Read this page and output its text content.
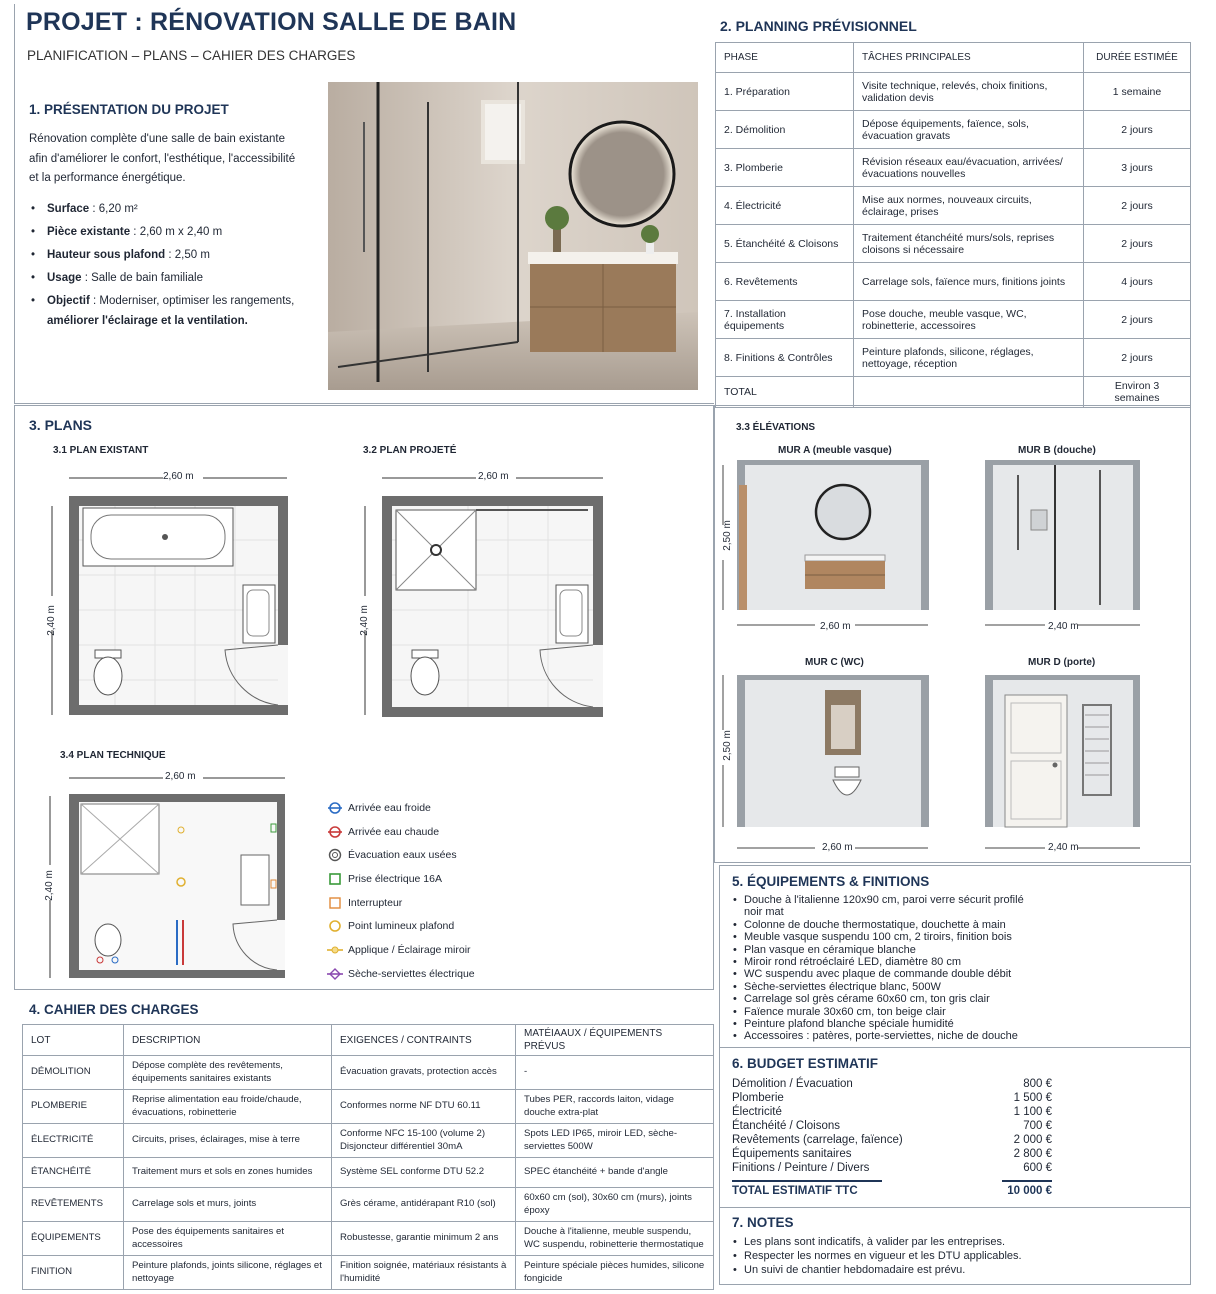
PROJET : RÉNOVATION SALLE DE BAIN
PLANIFICATION – PLANS – CAHIER DES CHARGES
1. PRÉSENTATION DU PROJET
Rénovation complète d'une salle de bain existante afin d'améliorer le confort, l'esthétique, l'accessibilité et la performance énergétique.
• Surface : 6,20 m²
• Pièce existante : 2,60 m x 2,40 m
• Hauteur sous plafond : 2,50 m
• Usage : Salle de bain familiale
• Objectif : Moderniser, optimiser les rangements,
améliorer l'éclairage et la ventilation.
2. PLANNING PRÉVISIONNEL
PHASE	TÂCHES PRINCIPALES	DURÉE ESTIMÉE
1. Préparation	Visite technique, relevés, choix finitions, validation devis	1 semaine
2. Démolition	Dépose équipements, faïence, sols, évacuation gravats	2 jours
3. Plomberie	Révision réseaux eau/évacuation, arrivées/évacuations nouvelles	3 jours
4. Électricité	Mise aux normes, nouveaux circuits, éclairage, prises	2 jours
5. Étanchéité & Cloisons	Traitement étanchéité murs/sols, reprises cloisons si nécessaire	2 jours
6. Revêtements	Carrelage sols, faïence murs, finitions joints	4 jours
7. Installation équipements	Pose douche, meuble vasque, WC, robinetterie, accessoires	2 jours
8. Finitions & Contrôles	Peinture plafonds, silicone, réglages, nettoyage, réception	2 jours
TOTAL		Environ 3 semaines
3. PLANS
3.1 PLAN EXISTANT	3.2 PLAN PROJETÉ
3.4 PLAN TECHNIQUE
2,60 m
2,40 m
2,60 m
2,40 m
2,60 m
2,40 m
Arrivée eau froide
Arrivée eau chaude
Évacuation eaux usées
Prise électrique 16A
Interrupteur
Point lumineux plafond
Applique / Éclairage miroir
Sèche-serviettes électrique
3.3 ÉLÉVATIONS
MUR A (meuble vasque)	MUR B (douche)
MUR C (WC)	MUR D (porte)
2,50 m
2,50 m
2,60 m	2,40 m
2,60 m	2,40 m
4. CAHIER DES CHARGES
LOT	DESCRIPTION	EXIGENCES / CONTRAINTS	MATÉIAAUX / ÉQUIPEMENTS PRÉVUS
DÉMOLITION	Dépose complète des revêtements, équipements sanitaires existants	Évacuation gravats, protection accès	-
PLOMBERIE	Reprise alimentation eau froide/chaude, évacuations, robinetterie	Conformes norme NF DTU 60.11	Tubes PER, raccords laiton, vidage douche extra-plat
ÉLECTRICITÉ	Circuits, prises, éclairages, mise à terre	Conforme NFC 15-100 (volume 2) Disjoncteur différentiel 30mA	Spots LED IP65, miroir LED, sèche-serviettes 500W
ÉTANCHÉITÉ	Traitement murs et sols en zones humides	Système SEL conforme DTU 52.2	SPEC étanchéité + bande d'angle
REVÊTEMENTS	Carrelage sols et murs, joints	Grès cérame, antidérapant R10 (sol)	60x60 cm (sol), 30x60 cm (murs), joints époxy
ÉQUIPEMENTS	Pose des équipements sanitaires et accessoires	Robustesse, garantie minimum 2 ans	Douche à l'italienne, meuble suspendu, WC suspendu, robinetterie thermostatique
FINITION	Peinture plafonds, joints silicone, réglages et nettoyage	Finition soignée, matériaux résistants à l'humidité	Peinture spéciale pièces humides, silicone fongicide
5. ÉQUIPEMENTS & FINITIONS
• Douche à l'italienne 120x90 cm, paroi verre sécurit profilé noir mat
• Colonne de douche thermostatique, douchette à main
• Meuble vasque suspendu 100 cm, 2 tiroirs, finition bois
• Plan vasque en céramique blanche
• Miroir rond rétroéclairé LED, diamètre 80 cm
• WC suspendu avec plaque de commande double débit
• Sèche-serviettes électrique blanc, 500W
• Carrelage sol grès cérame 60x60 cm, ton gris clair
• Faïence murale 30x60 cm, ton beige clair
• Peinture plafond blanche spéciale humidité
• Accessoires : patères, porte-serviettes, niche de douche
6. BUDGET ESTIMATIF
Démolition / Évacuation	800 €
Plomberie	1 500 €
Électricité	1 100 €
Étanchéité / Cloisons	700 €
Revêtements (carrelage, faïence)	2 000 €
Équipements sanitaires	2 800 €
Finitions / Peinture / Divers	600 €
TOTAL ESTIMATIF TTC	10 000 €
7. NOTES
• Les plans sont indicatifs, à valider par les entreprises.
• Respecter les normes en vigueur et les DTU applicables.
• Un suivi de chantier hebdomadaire est prévu.
